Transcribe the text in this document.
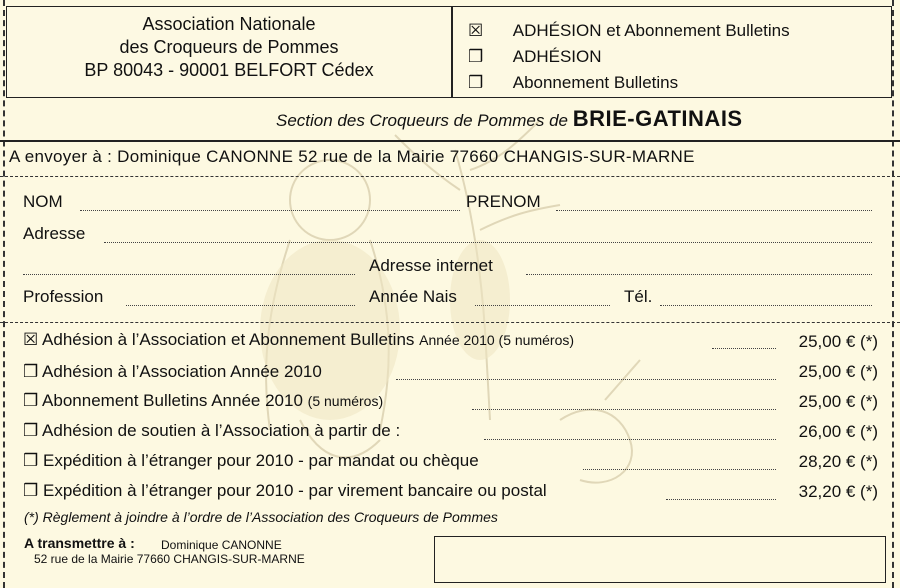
Association Nationale
des Croqueurs de Pommes
BP 80043 - 90001 BELFORT Cédex
☒ ADHÉSION et Abonnement Bulletins
❒ ADHÉSION
❒ Abonnement Bulletins
Section des Croqueurs de Pommes de BRIE-GATINAIS
A envoyer à : Dominique CANONNE 52 rue de la Mairie 77660 CHANGIS-SUR-MARNE
NOM	PRENOM
Adresse
Adresse internet
Profession	Année Nais	Tél.
☒ Adhésion à l’Association et Abonnement Bulletins Année 2010 (5 numéros)	25,00 € (*)
❒ Adhésion à l’Association Année 2010	25,00 € (*)
❒ Abonnement Bulletins Année 2010 (5 numéros)	25,00 € (*)
❒ Adhésion de soutien à l’Association à partir de :	26,00 € (*)
❒ Expédition à l’étranger pour 2010 - par mandat ou chèque	28,20 € (*)
❒ Expédition à l’étranger pour 2010 - par virement bancaire ou postal	32,20 € (*)
(*) Règlement à joindre à l’ordre de l’Association des Croqueurs de Pommes
A transmettre à : Dominique CANONNE
52 rue de la Mairie 77660 CHANGIS-SUR-MARNE
